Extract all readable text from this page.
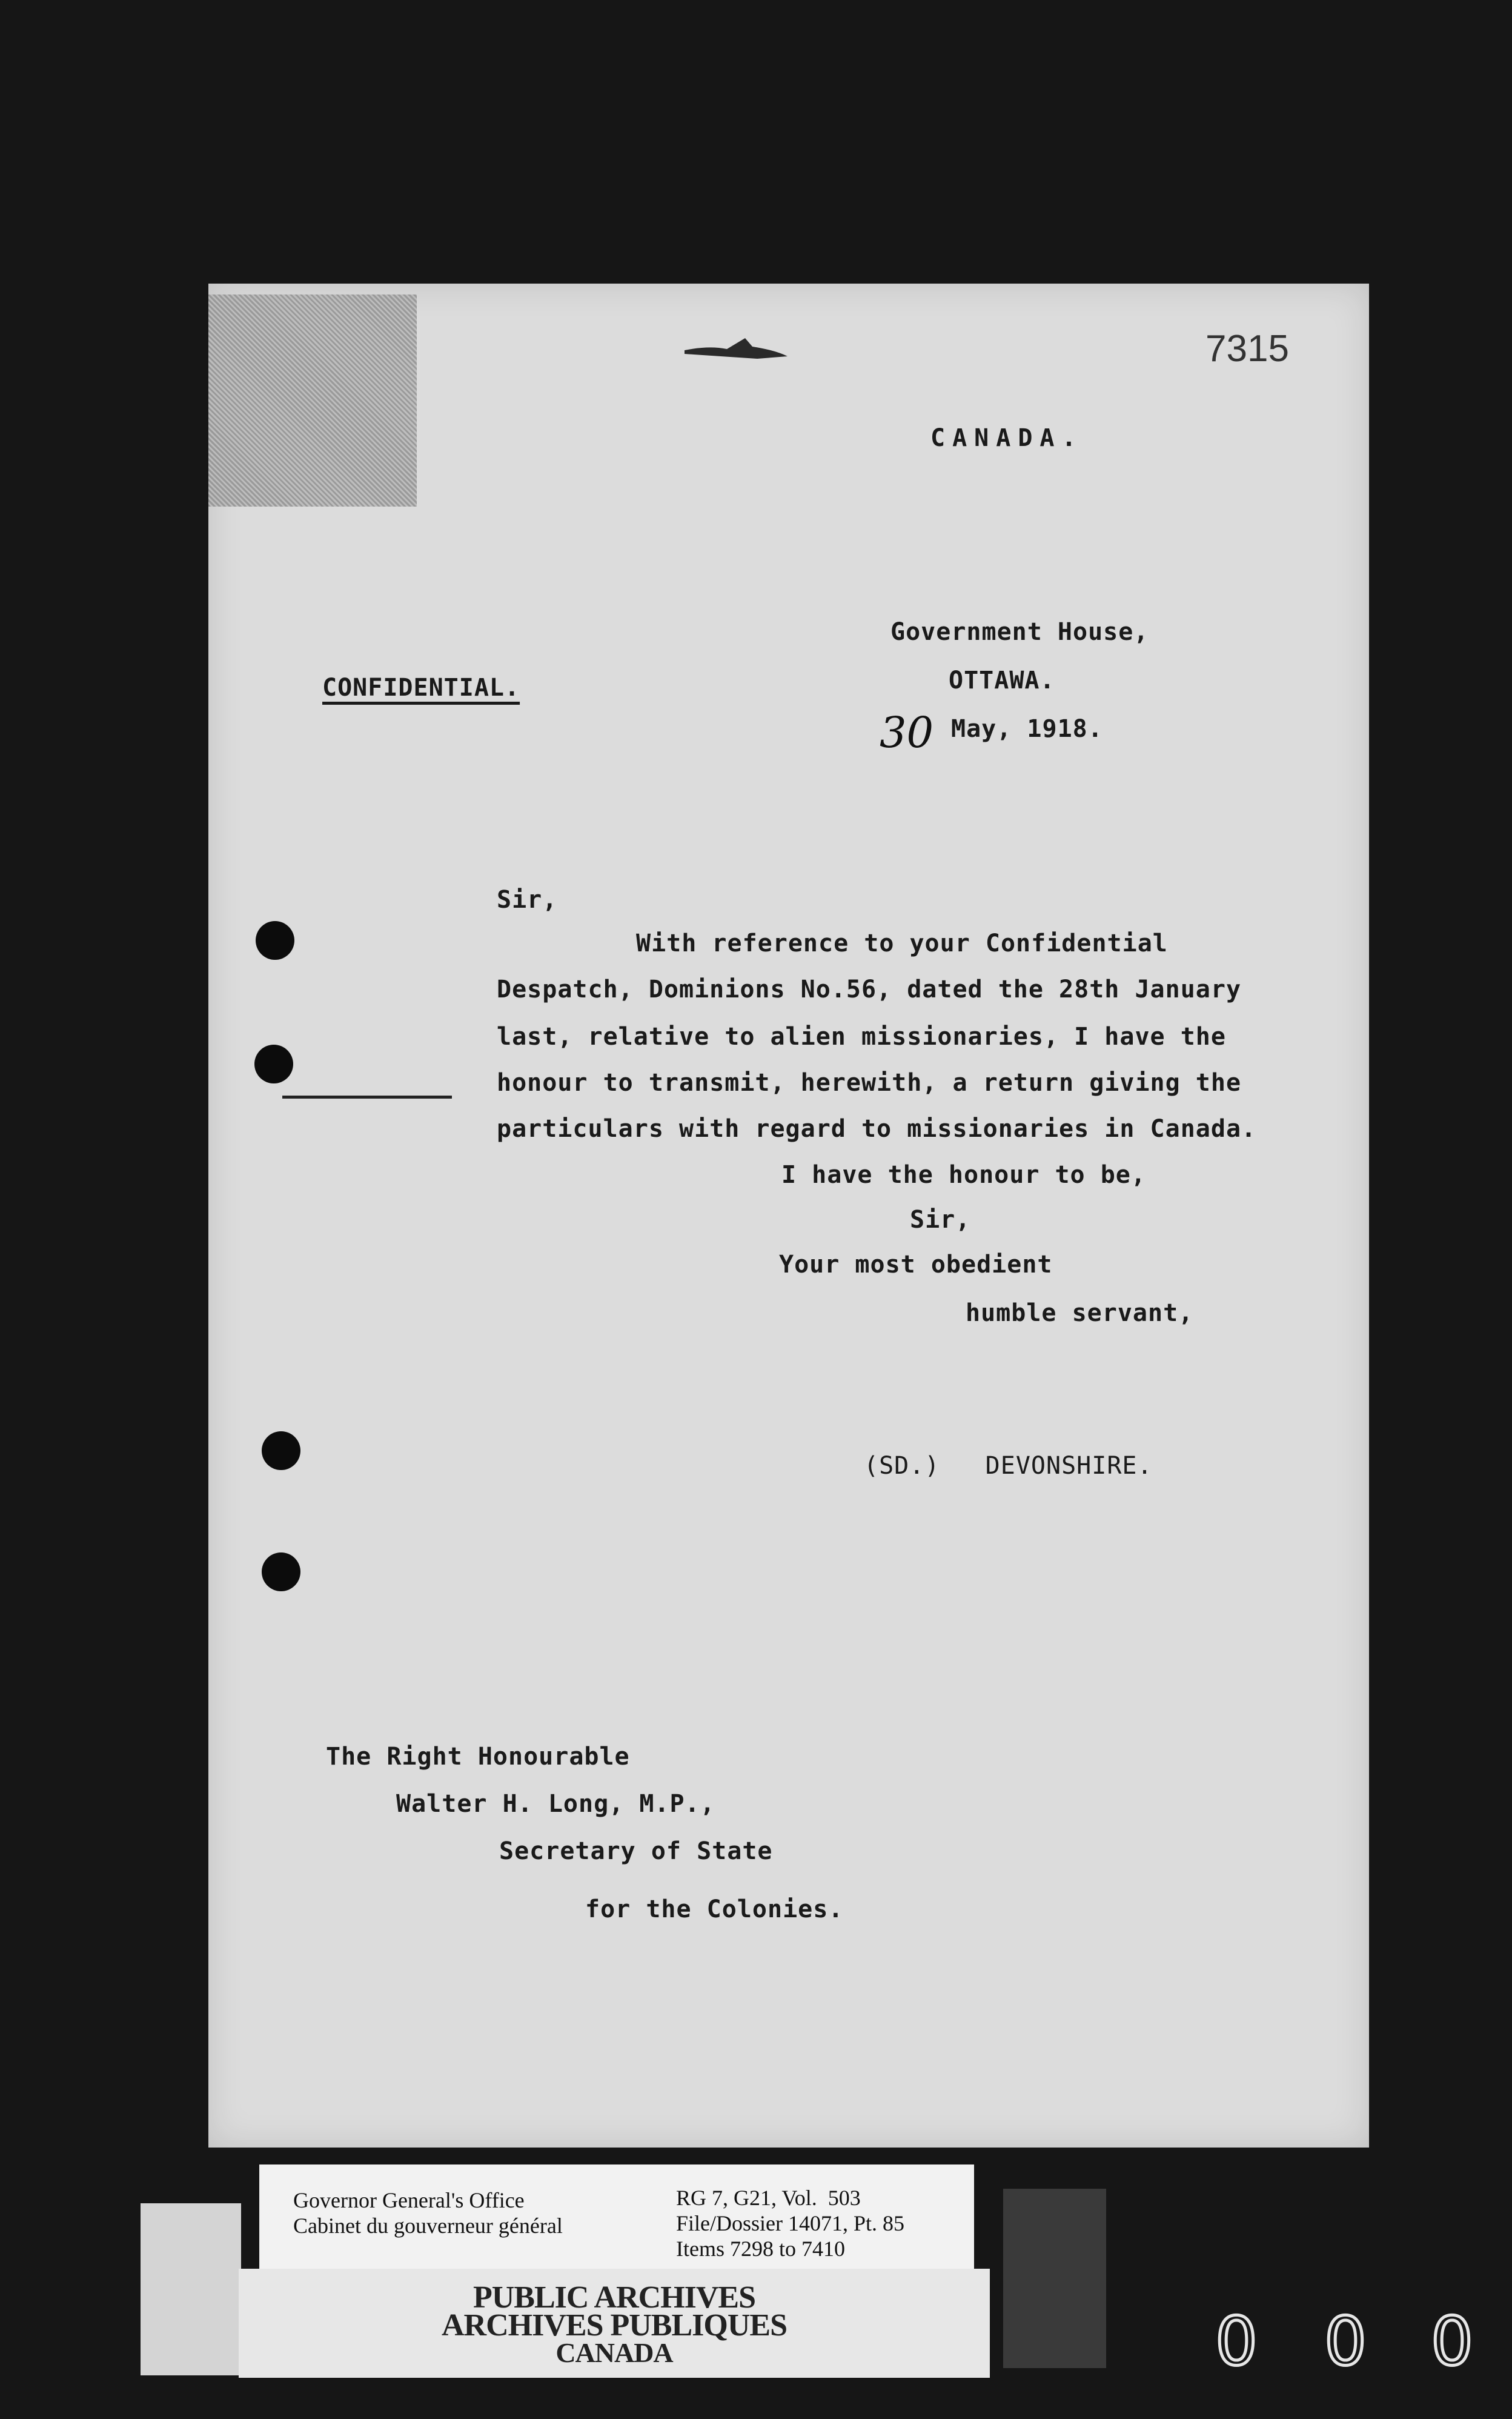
7315
CANADA.
Government House,
OTTAWA.
30 May, 1918.
CONFIDENTIAL.
Sir,
With reference to your Confidential
Despatch, Dominions No.56, dated the 28th January
last, relative to alien missionaries, I have the
honour to transmit, herewith, a return giving the
particulars with regard to missionaries in Canada.
I have the honour to be,
Sir,
Your most obedient
humble servant,
(SD.)   DEVONSHIRE.
The Right Honourable
Walter H. Long, M.P.,
Secretary of State
for the Colonies.
Governor General's Office
Cabinet du gouverneur général
RG 7, G21, Vol.  503
File/Dossier 14071, Pt. 85
Items 7298 to 7410
PUBLIC ARCHIVES
ARCHIVES PUBLIQUES
CANADA	0 0 0
